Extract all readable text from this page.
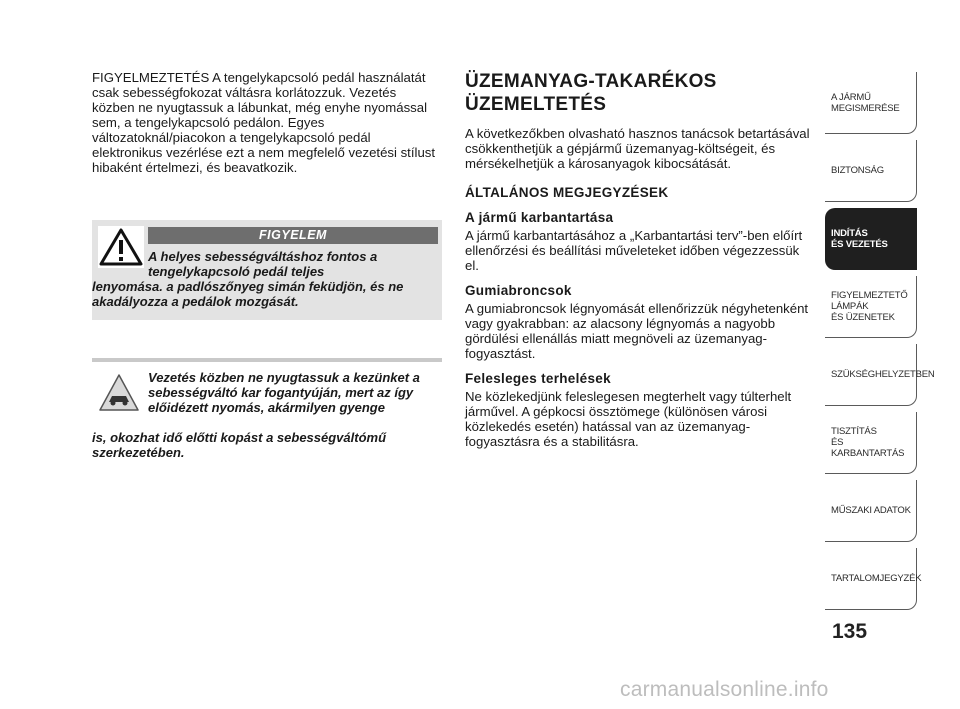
FIGYELMEZTETÉS A tengelykapcsoló pedál használatát csak sebességfokozat váltásra korlátozzuk. Vezetés közben ne nyugtassuk a lábunkat, még enyhe nyomással sem, a tengelykapcsoló pedálon. Egyes változatoknál/piacokon a tengelykapcsoló pedál elektronikus vezérlése ezt a nem megfelelő vezetési stílust hibaként értelmezi, és beavatkozik.

FIGYELEM
A helyes sebességváltáshoz fontos a tengelykapcsoló pedál teljes
lenyomása. a padlószőnyeg simán feküdjön, és ne akadályozza a pedálok mozgását.
Vezetés közben ne nyugtassuk a kezünket a sebességváltó kar fogantyúján, mert az így előidézett nyomás, akármilyen gyenge
is, okozhat idő előtti kopást a sebességváltómű szerkezetében.
ÜZEMANYAG-TAKARÉKOS ÜZEMELTETÉS

A következőkben olvasható hasznos tanácsok betartásával csökkenthetjük a gépjármű üzemanyag-költségeit, és mérsékelhetjük a károsanyagok kibocsátását.

ÁLTALÁNOS MEGJEGYZÉSEK
A jármű karbantartása

A jármű karbantartásához a „Karbantartási terv”-ben előírt ellenőrzési és beállítási műveleteket időben végezzessük el.

Gumiabroncsok

A gumiabroncsok légnyomását ellenőrizzük négyhetenként vagy gyakrabban: az alacsony légnyomás a nagyobb gördülési ellenállás miatt megnöveli az üzemanyag-fogyasztást.

Felesleges terhelések

Ne közlekedjünk feleslegesen megterhelt vagy túlterhelt járművel. A gépkocsi össztömege (különösen városi közlekedés esetén) hatással van az üzemanyag-fogyasztásra és a stabilitásra.

A JÁRMŰ
MEGISMERÉSE
BIZTONSÁG
INDÍTÁS
ÉS VEZETÉS
FIGYELMEZTETŐ
LÁMPÁK
ÉS ÜZENETEK
SZÜKSÉGHELYZETBEN
TISZTÍTÁS
ÉS KARBANTARTÁS
MŰSZAKI ADATOK
TARTALOMJEGYZÉK
135
carmanualsonline.info
